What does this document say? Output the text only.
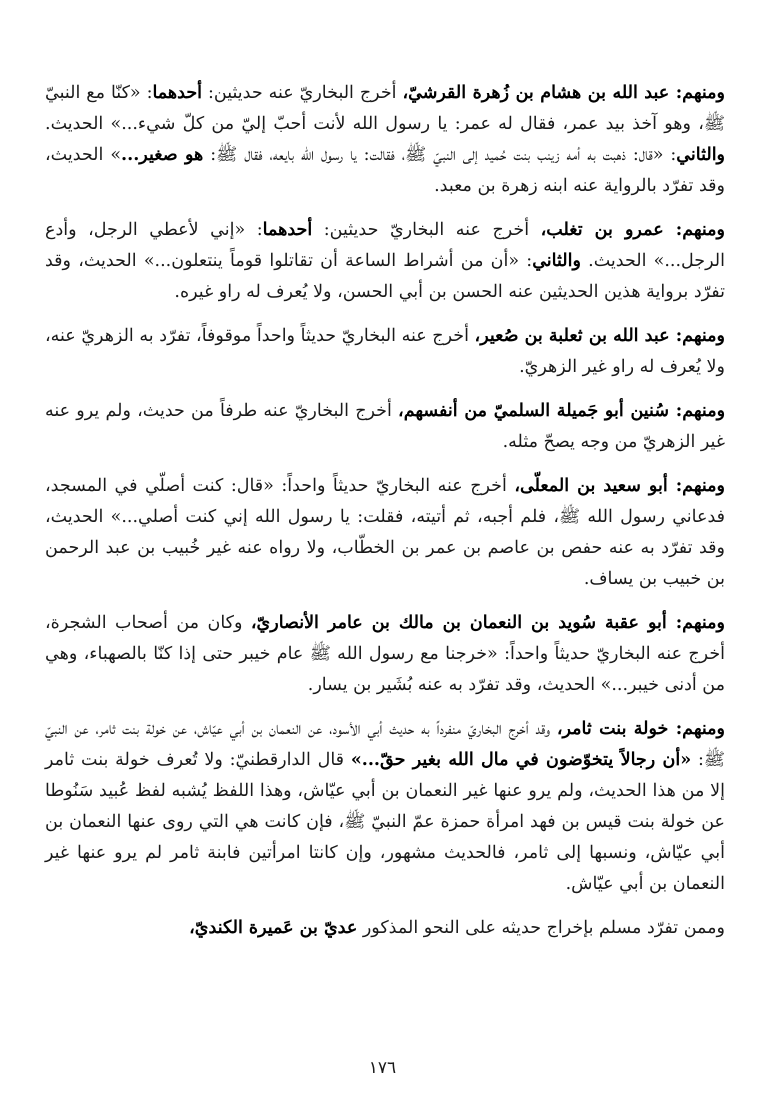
ومنهم: عبد الله بن هشام بن زُهرة القرشيّ، أخرج البخاريّ عنه حديثين: أحدهما: «كنّا مع النبيّ ﷺ، وهو آخذ بيد عمر، فقال له عمر: يا رسول الله لأنت أحبّ إليّ من كلّ شيء...» الحديث. والثاني: «قال: ذهبت به أمه زينب بنت حُميد إلى النبيّ ﷺ، فقالت: يا رسول الله بايعه، فقال ﷺ: هو صغير...» الحديث، وقد تفرّد بالرواية عنه ابنه زهرة بن معبد.

ومنهم: عمرو بن تغلب، أخرج عنه البخاريّ حديثين: أحدهما: «إني لأعطي الرجل، وأدع الرجل...» الحديث. والثاني: «أن من أشراط الساعة أن تقاتلوا قوماً ينتعلون...» الحديث، وقد تفرّد برواية هذين الحديثين عنه الحسن بن أبي الحسن، ولا يُعرف له راو غيره.

ومنهم: عبد الله بن ثعلبة بن صُعير، أخرج عنه البخاريّ حديثاً واحداً موقوفاً، تفرّد به الزهريّ عنه، ولا يُعرف له راو غير الزهريّ.

ومنهم: سُنين أبو جَميلة السلميّ من أنفسهم، أخرج البخاريّ عنه طرفاً من حديث، ولم يرو عنه غير الزهريّ من وجه يصحّ مثله.

ومنهم: أبو سعيد بن المعلّى، أخرج عنه البخاريّ حديثاً واحداً: «قال: كنت أصلّي في المسجد، فدعاني رسول الله ﷺ، فلم أجبه، ثم أتيته، فقلت: يا رسول الله إني كنت أصلي...» الحديث، وقد تفرّد به عنه حفص بن عاصم بن عمر بن الخطّاب، ولا رواه عنه غير خُبيب بن عبد الرحمن بن خبيب بن يساف.

ومنهم: أبو عقبة سُويد بن النعمان بن مالك بن عامر الأنصاريّ، وكان من أصحاب الشجرة، أخرج عنه البخاريّ حديثاً واحداً: «خرجنا مع رسول الله ﷺ عام خيبر حتى إذا كنّا بالصهباء، وهي من أدنى خيبر...» الحديث، وقد تفرّد به عنه بُشَير بن يسار.

ومنهم: خولة بنت ثامر، وقد أخرج البخاريّ منفرداً به حديث أبي الأسود، عن النعمان بن أبي عيّاش، عن خولة بنت ثامر، عن النبيّ ﷺ: «أن رجالاً يتخوّضون في مال الله بغير حقّ...» قال الدارقطنيّ: ولا تُعرف خولة بنت ثامر إلا من هذا الحديث، ولم يرو عنها غير النعمان بن أبي عيّاش، وهذا اللفظ يُشبه لفظ عُبيد سَنُوطا عن خولة بنت قيس بن فهد امرأة حمزة عمّ النبيّ ﷺ، فإن كانت هي التي روى عنها النعمان بن أبي عيّاش، ونسبها إلى ثامر، فالحديث مشهور، وإن كانتا امرأتين فابنة ثامر لم يرو عنها غير النعمان بن أبي عيّاش.

وممن تفرّد مسلم بإخراج حديثه على النحو المذكور عديّ بن عَميرة الكنديّ،

١٧٦
